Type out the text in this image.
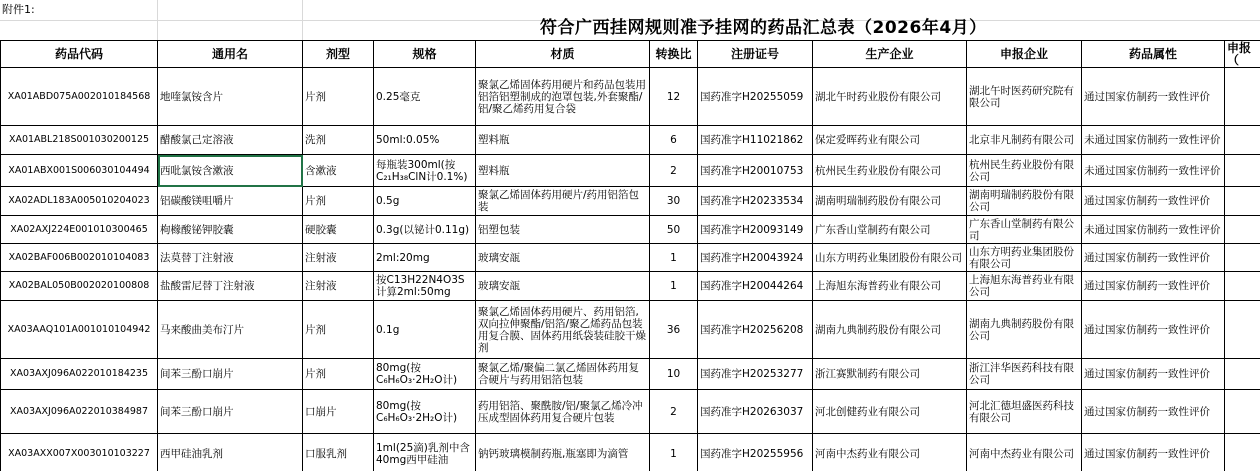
附件1:
符合广西挂网规则准予挂网的药品汇总表（2026年4月）
药品代码	通用名	剂型	规格	材质	转换比	注册证号	生产企业	申报企业	药品属性	申报
（

XA01ABD075A002010184568	地喹氯铵含片	片剂	0.25毫克	聚氯乙烯固体药用硬片和药品包装用铝箔铝塑制成的泡罩包装,外套聚酯/铝/聚乙烯药用复合袋	12	国药准字H20255059	湖北午时药业股份有限公司	湖北午时医药研究院有限公司	通过国家仿制药一致性评价	

XA01ABL218S001030200125	醋酸氯己定溶液	洗剂	50ml:0.05%	塑料瓶	6	国药准字H11021862	保定爱晖药业有限公司	北京非凡制药有限公司	未通过国家仿制药一致性评价	

XA01ABX001S006030104494	西吡氯铵含漱液	含漱液	每瓶装300ml(按C₂₁H₃₈ClN计0.1%)	塑料瓶	2	国药准字H20010753	杭州民生药业股份有限公司	杭州民生药业股份有限公司	未通过国家仿制药一致性评价	

XA02ADL183A005010204023	铝碳酸镁咀嚼片	片剂	0.5g	聚氯乙烯固体药用硬片/药用铝箔包装	30	国药准字H20233534	湖南明瑞制药股份有限公司	湖南明瑞制药股份有限公司	通过国家仿制药一致性评价	

XA02AXJ224E001010300465	枸橼酸铋钾胶囊	硬胶囊	0.3g(以铋计0.11g)	铝塑包装	50	国药准字H20093149	广东香山堂制药有限公司	广东香山堂制药有限公司	未通过国家仿制药一致性评价	

XA02BAF006B002010104083	法莫替丁注射液	注射液	2ml:20mg	玻璃安瓿	1	国药准字H20043924	山东方明药业集团股份有限公司	山东方明药业集团股份有限公司	通过国家仿制药一致性评价	

XA02BAL050B002020100808	盐酸雷尼替丁注射液	注射液	按C13H22N4O3S计算2ml:50mg	玻璃安瓿	1	国药准字H20044264	上海旭东海普药业有限公司	上海旭东海普药业有限公司	通过国家仿制药一致性评价	

XA03AAQ101A001010104942	马来酸曲美布汀片	片剂	0.1g	聚氯乙烯固体药用硬片、药用铝箔,双向拉伸聚酯/铝箔/聚乙烯药品包装用复合膜、固体药用纸袋装硅胶干燥剂	36	国药准字H20256208	湖南九典制药股份有限公司	湖南九典制药股份有限公司	通过国家仿制药一致性评价	

XA03AXJ096A022010184235	间苯三酚口崩片	片剂	80mg(按C₆H₆O₃·2H₂O计)	聚氯乙烯/聚偏二氯乙烯固体药用复合硬片与药用铝箔包装	10	国药准字H20253277	浙江赛默制药有限公司	浙江沣华医药科技有限公司	通过国家仿制药一致性评价	

XA03AXJ096A022010384987	间苯三酚口崩片	口崩片	80mg(按C₆H₆O₃·2H₂O计)	药用铝箔、聚酰胺/铝/聚氯乙烯冷冲压成型固体药用复合硬片包装	2	国药准字H20263037	河北创健药业有限公司	河北汇德坦盛医药科技有限公司	通过国家仿制药一致性评价	

XA03AXX007X003010103227	西甲硅油乳剂	口服乳剂	1ml(25滴)乳剂中含40mg西甲硅油	钠钙玻璃模制药瓶,瓶塞即为滴管	1	国药准字H20255956	河南中杰药业有限公司	河南中杰药业有限公司	通过国家仿制药一致性评价	
